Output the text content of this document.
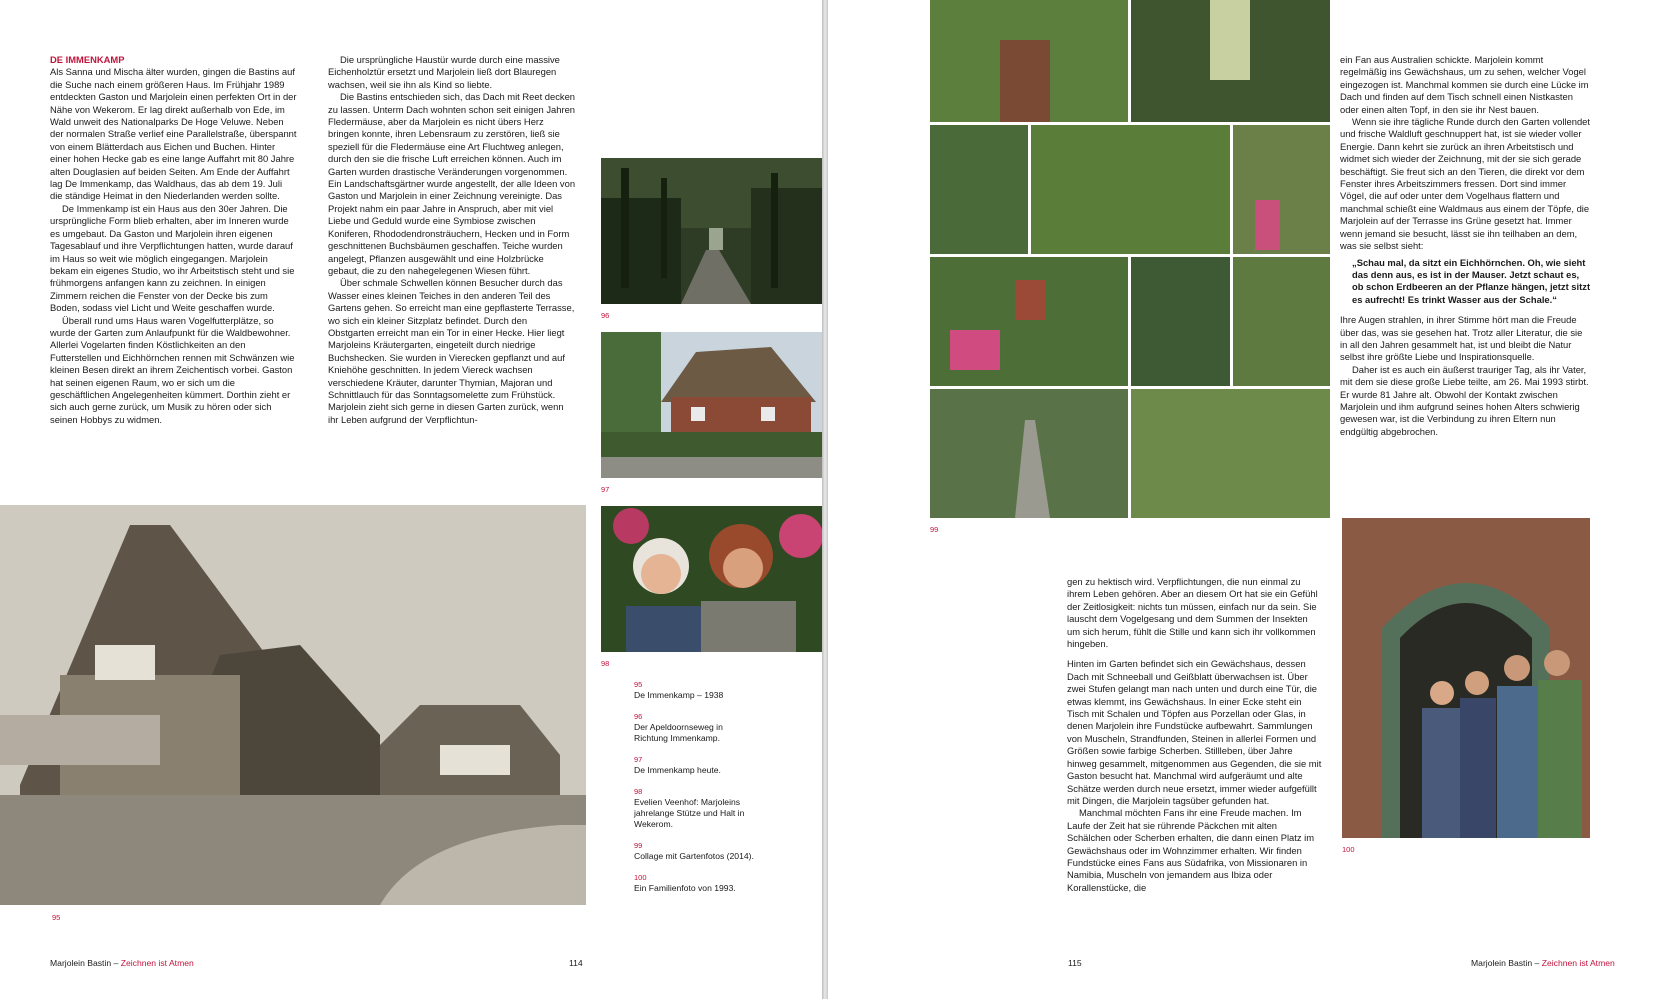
DE IMMENKAMP

Als Sanna und Mischa älter wurden, gingen die Bastins auf die Suche nach einem größeren Haus. Im Frühjahr 1989 entdeckten Gaston und Marjolein einen perfekten Ort in der Nähe von Wekerom. Er lag direkt außerhalb von Ede, im Wald unweit des Nationalparks De Hoge Veluwe. Neben der normalen Straße verlief eine Parallelstraße, überspannt von einem Blätterdach aus Eichen und Buchen. Hinter einer hohen Hecke gab es eine lange Auffahrt mit 80 Jahre alten Douglasien auf beiden Seiten. Am Ende der Auffahrt lag De Immenkamp, das Waldhaus, das ab dem 19. Juli die ständige Heimat in den Niederlanden werden sollte.

De Immenkamp ist ein Haus aus den 30er Jahren. Die ursprüngliche Form blieb erhalten, aber im Inneren wurde es umgebaut. Da Gaston und Marjolein ihren eigenen Tagesablauf und ihre Verpflichtungen hatten, wurde darauf im Haus so weit wie möglich eingegangen. Marjolein bekam ein eigenes Studio, wo ihr Arbeitstisch steht und sie frühmorgens anfangen kann zu zeichnen. In einigen Zimmern reichen die Fenster von der Decke bis zum Boden, sodass viel Licht und Weite geschaffen wurde.

Überall rund ums Haus waren Vogelfutterplätze, so wurde der Garten zum Anlaufpunkt für die Waldbewohner. Allerlei Vogelarten finden Köstlichkeiten an den Futterstellen und Eichhörnchen rennen mit Schwänzen wie kleinen Besen direkt an ihrem Zeichentisch vorbei. Gaston hat seinen eigenen Raum, wo er sich um die geschäftlichen Angelegenheiten kümmert. Dorthin zieht er sich auch gerne zurück, um Musik zu hören oder sich seinen Hobbys zu widmen.

Die ursprüngliche Haustür wurde durch eine massive Eichenholztür ersetzt und Marjolein ließ dort Blauregen wachsen, weil sie ihn als Kind so liebte.

Die Bastins entschieden sich, das Dach mit Reet decken zu lassen. Unterm Dach wohnten schon seit einigen Jahren Fledermäuse, aber da Marjolein es nicht übers Herz bringen konnte, ihren Lebensraum zu zerstören, ließ sie speziell für die Fledermäuse eine Art Fluchtweg anlegen, durch den sie die frische Luft erreichen können. Auch im Garten wurden drastische Veränderungen vorgenommen. Ein Landschaftsgärtner wurde angestellt, der alle Ideen von Gaston und Marjolein in einer Zeichnung vereinigte. Das Projekt nahm ein paar Jahre in Anspruch, aber mit viel Liebe und Geduld wurde eine Symbiose zwischen Koniferen, Rhododendronsträuchern, Hecken und in Form geschnittenen Buchsbäumen geschaffen. Teiche wurden angelegt, Pflanzen ausgewählt und eine Holzbrücke gebaut, die zu den nahegelegenen Wiesen führt.

Über schmale Schwellen können Besucher durch das Wasser eines kleinen Teiches in den anderen Teil des Gartens gehen. So erreicht man eine gepflasterte Terrasse, wo sich ein kleiner Sitzplatz befindet. Durch den Obstgarten erreicht man ein Tor in einer Hecke. Hier liegt Marjoleins Kräutergarten, eingeteilt durch niedrige Buchshecken. Sie wurden in Vierecken gepflanzt und auf Kniehöhe geschnitten. In jedem Viereck wachsen verschiedene Kräuter, darunter Thymian, Majoran und Schnittlauch für das Sonntagsomelette zum Frühstück. Marjolein zieht sich gerne in diesen Garten zurück, wenn ihr Leben aufgrund der Verpflichtun-

96
97
98
95
95
De Immenkamp – 1938
96
Der Apeldoornseweg in Richtung Immenkamp.
97
De Immenkamp heute.
98
Evelien Veenhof: Marjoleins jahrelange Stütze und Halt in Wekerom.
99
Collage mit Gartenfotos (2014).
100
Ein Familienfoto von 1993.
Marjolein Bastin – Zeichnen ist Atmen	114
99

ein Fan aus Australien schickte. Marjolein kommt regelmäßig ins Gewächshaus, um zu sehen, welcher Vogel eingezogen ist. Manchmal kommen sie durch eine Lücke im Dach und finden auf dem Tisch schnell einen Nistkasten oder einen alten Topf, in den sie ihr Nest bauen.

Wenn sie ihre tägliche Runde durch den Garten vollendet und frische Waldluft geschnuppert hat, ist sie wieder voller Energie. Dann kehrt sie zurück an ihren Arbeitstisch und widmet sich wieder der Zeichnung, mit der sie sich gerade beschäftigt. Sie freut sich an den Tieren, die direkt vor dem Fenster ihres Arbeitszimmers fressen. Dort sind immer Vögel, die auf oder unter dem Vogelhaus flattern und manchmal schießt eine Waldmaus aus einem der Töpfe, die Marjolein auf der Terrasse ins Grüne gesetzt hat. Immer wenn jemand sie besucht, lässt sie ihn teilhaben an dem, was sie selbst sieht:

„Schau mal, da sitzt ein Eichhörnchen. Oh, wie sieht das denn aus, es ist in der Mauser. Jetzt schaut es, ob schon Erdbeeren an der Pflanze hängen, jetzt sitzt es aufrecht! Es trinkt Wasser aus der Schale.“

Ihre Augen strahlen, in ihrer Stimme hört man die Freude über das, was sie gesehen hat. Trotz aller Literatur, die sie in all den Jahren gesammelt hat, ist und bleibt die Natur selbst ihre größte Liebe und Inspirationsquelle.

Daher ist es auch ein äußerst trauriger Tag, als ihr Vater, mit dem sie diese große Liebe teilte, am 26. Mai 1993 stirbt. Er wurde 81 Jahre alt. Obwohl der Kontakt zwischen Marjolein und ihm aufgrund seines hohen Alters schwierig gewesen war, ist die Verbindung zu ihren Eltern nun endgültig abgebrochen.

gen zu hektisch wird. Verpflichtungen, die nun einmal zu ihrem Leben gehören. Aber an diesem Ort hat sie ein Gefühl der Zeitlosigkeit: nichts tun müssen, einfach nur da sein. Sie lauscht dem Vogelgesang und dem Summen der Insekten um sich herum, fühlt die Stille und kann sich ihr vollkommen hingeben.

Hinten im Garten befindet sich ein Gewächshaus, dessen Dach mit Schneeball und Geißblatt überwachsen ist. Über zwei Stufen gelangt man nach unten und durch eine Tür, die etwas klemmt, ins Gewächshaus. In einer Ecke steht ein Tisch mit Schalen und Töpfen aus Porzellan oder Glas, in denen Marjolein ihre Fundstücke aufbewahrt. Sammlungen von Muscheln, Strandfunden, Steinen in allerlei Formen und Größen sowie farbige Scherben. Stillleben, über Jahre hinweg gesammelt, mitgenommen aus Gegenden, die sie mit Gaston besucht hat. Manchmal wird aufgeräumt und alte Schätze werden durch neue ersetzt, immer wieder aufgefüllt mit Dingen, die Marjolein tagsüber gefunden hat.

Manchmal möchten Fans ihr eine Freude machen. Im Laufe der Zeit hat sie rührende Päckchen mit alten Schälchen oder Scherben erhalten, die dann einen Platz im Gewächshaus oder im Wohnzimmer erhalten. Wir finden Fundstücke eines Fans aus Südafrika, von Missionaren in Namibia, Muscheln von jemandem aus Ibiza oder Korallenstücke, die

100
115	Marjolein Bastin – Zeichnen ist Atmen
